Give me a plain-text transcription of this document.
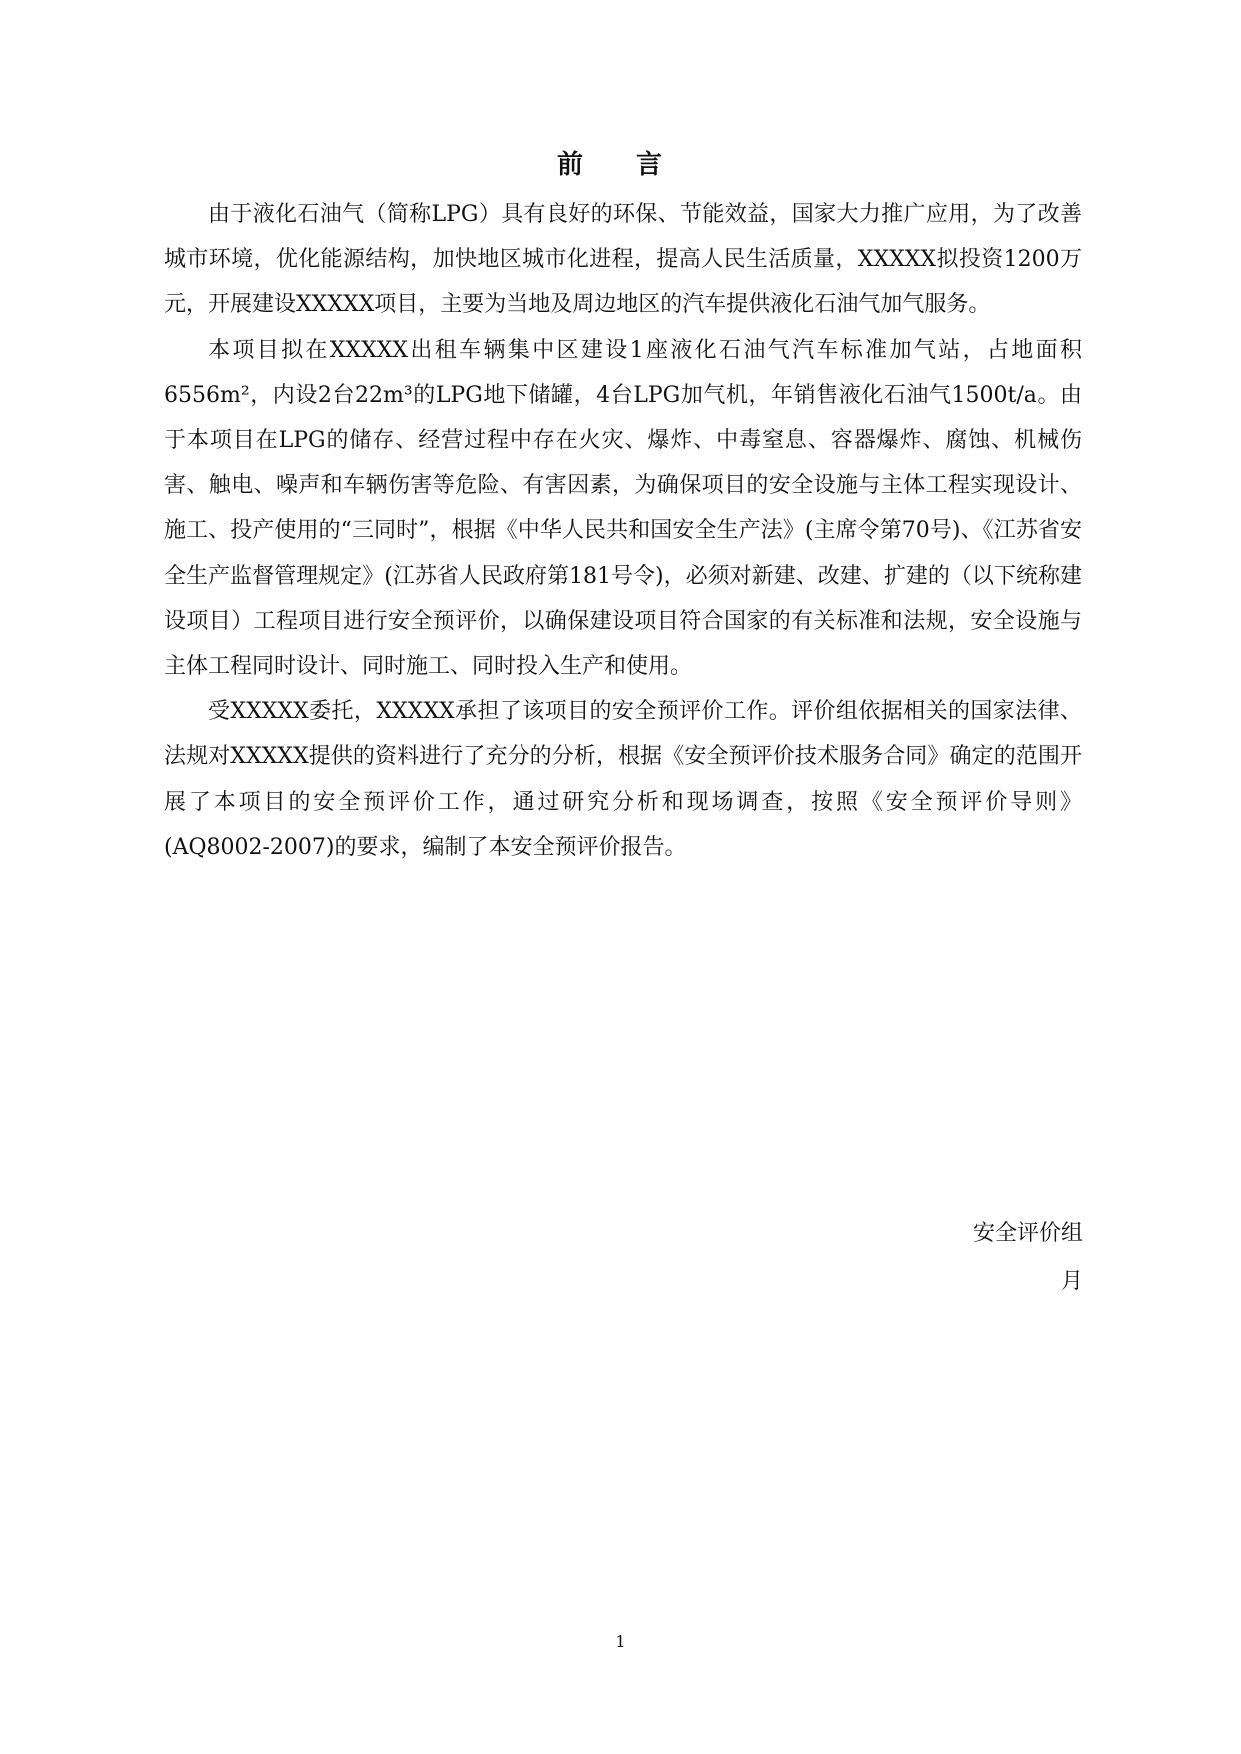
前 言

由于液化石油气（简称LPG）具有良好的环保、节能效益，国家大力推广应用，为了改善城市环境，优化能源结构，加快地区城市化进程，提高人民生活质量，XXXXX拟投资1200万元，开展建设XXXXX项目，主要为当地及周边地区的汽车提供液化石油气加气服务。

本项目拟在XXXXX出租车辆集中区建设1座液化石油气汽车标准加气站，占地面积6556m²，内设2台22m³的LPG地下储罐，4台LPG加气机，年销售液化石油气1500t/a。由于本项目在LPG的储存、经营过程中存在火灾、爆炸、中毒窒息、容器爆炸、腐蚀、机械伤害、触电、噪声和车辆伤害等危险、有害因素，为确保项目的安全设施与主体工程实现设计、施工、投产使用的“三同时”，根据《中华人民共和国安全生产法》(主席令第70号)、《江苏省安全生产监督管理规定》(江苏省人民政府第181号令)，必须对新建、改建、扩建的（以下统称建设项目）工程项目进行安全预评价，以确保建设项目符合国家的有关标准和法规，安全设施与主体工程同时设计、同时施工、同时投入生产和使用。

受XXXXX委托，XXXXX承担了该项目的安全预评价工作。评价组依据相关的国家法律、法规对XXXXX提供的资料进行了充分的分析，根据《安全预评价技术服务合同》确定的范围开展了本项目的安全预评价工作，通过研究分析和现场调查，按照《安全预评价导则》(AQ8002-2007)的要求，编制了本安全预评价报告。

安全评价组
月
1
